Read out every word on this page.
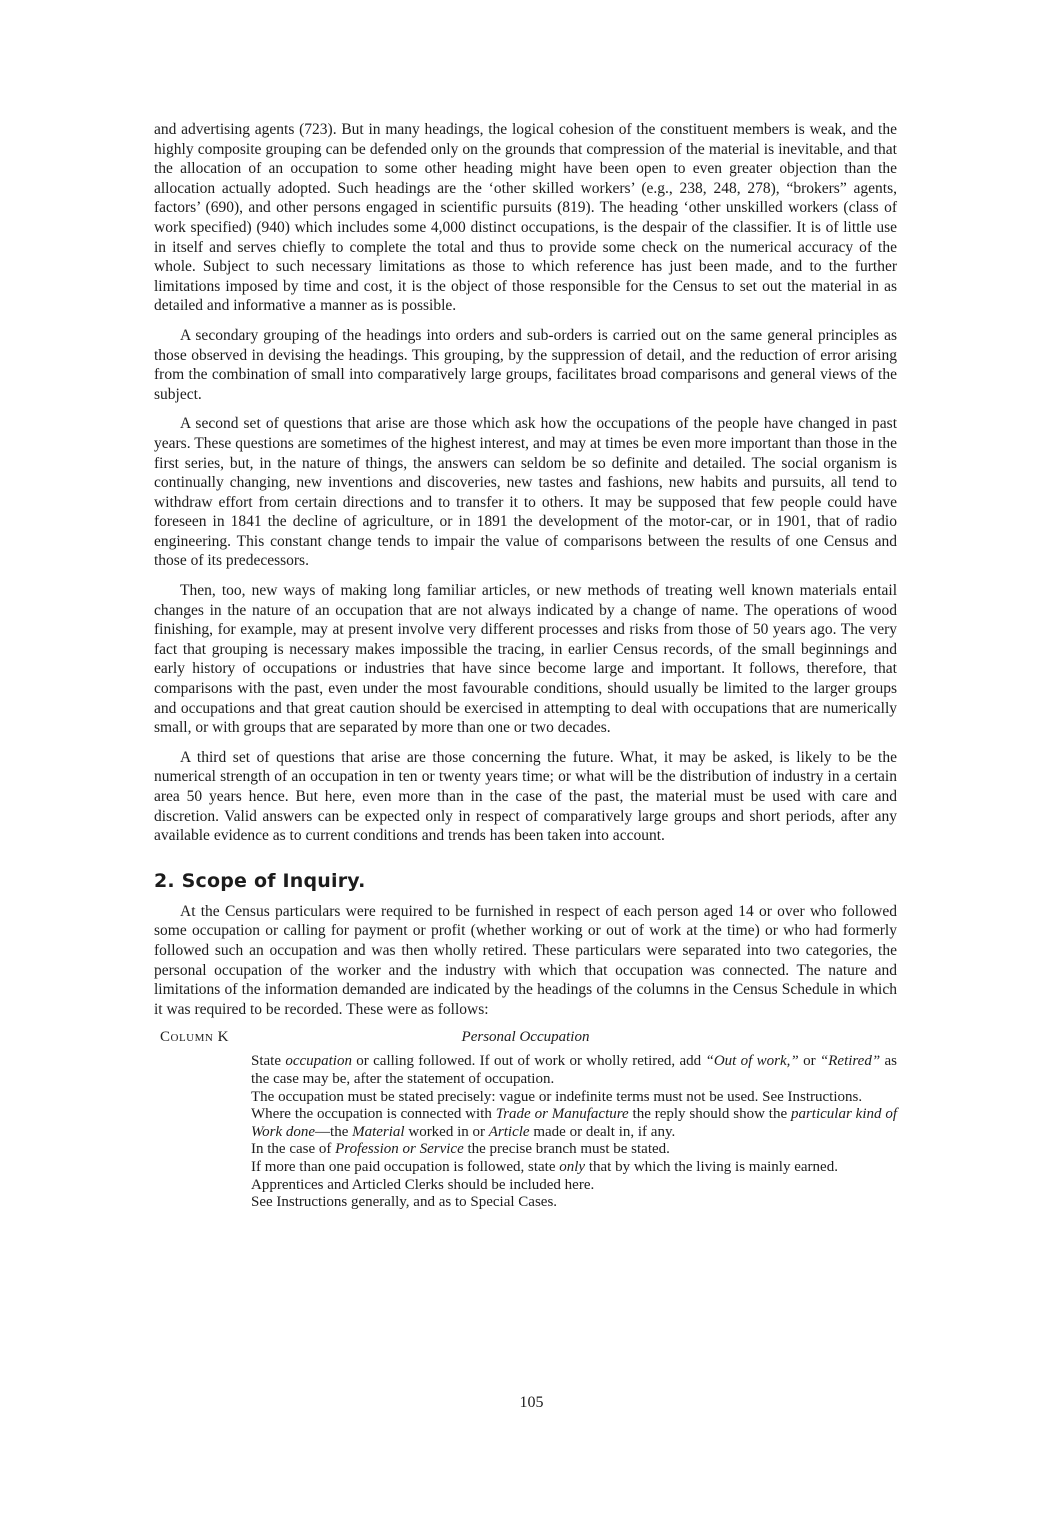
and advertising agents (723). But in many headings, the logical cohesion of the constituent members is weak, and the highly composite grouping can be defended only on the grounds that compression of the material is inevitable, and that the allocation of an occupation to some other heading might have been open to even greater objection than the allocation actually adopted. Such headings are the ‘other skilled workers’ (e.g., 238, 248, 278), “brokers” agents, factors’ (690), and other persons engaged in scientific pursuits (819). The heading ‘other unskilled workers (class of work specified) (940) which includes some 4,000 distinct occupations, is the despair of the classifier. It is of little use in itself and serves chiefly to complete the total and thus to provide some check on the numerical accuracy of the whole. Subject to such necessary limitations as those to which reference has just been made, and to the further limitations imposed by time and cost, it is the object of those responsible for the Census to set out the material in as detailed and informative a manner as is possible.

A secondary grouping of the headings into orders and sub-orders is carried out on the same general principles as those observed in devising the headings. This grouping, by the suppression of detail, and the reduction of error arising from the combination of small into comparatively large groups, facilitates broad comparisons and general views of the subject.

A second set of questions that arise are those which ask how the occupations of the people have changed in past years. These questions are sometimes of the highest interest, and may at times be even more important than those in the first series, but, in the nature of things, the answers can seldom be so definite and detailed. The social organism is continually changing, new inventions and discoveries, new tastes and fashions, new habits and pursuits, all tend to withdraw effort from certain directions and to transfer it to others. It may be supposed that few people could have foreseen in 1841 the decline of agriculture, or in 1891 the development of the motor-car, or in 1901, that of radio engineering. This constant change tends to impair the value of comparisons between the results of one Census and those of its predecessors.

Then, too, new ways of making long familiar articles, or new methods of treating well known materials entail changes in the nature of an occupation that are not always indicated by a change of name. The operations of wood finishing, for example, may at present involve very different processes and risks from those of 50 years ago. The very fact that grouping is necessary makes impossible the tracing, in earlier Census records, of the small beginnings and early history of occupations or industries that have since become large and important. It follows, therefore, that comparisons with the past, even under the most favourable conditions, should usually be limited to the larger groups and occupations and that great caution should be exercised in attempting to deal with occupations that are numerically small, or with groups that are separated by more than one or two decades.

A third set of questions that arise are those concerning the future. What, it may be asked, is likely to be the numerical strength of an occupation in ten or twenty years time; or what will be the distribution of industry in a certain area 50 years hence. But here, even more than in the case of the past, the material must be used with care and discretion. Valid answers can be expected only in respect of comparatively large groups and short periods, after any available evidence as to current conditions and trends has been taken into account.

2. Scope of Inquiry.

At the Census particulars were required to be furnished in respect of each person aged 14 or over who followed some occupation or calling for payment or profit (whether working or out of work at the time) or who had formerly followed such an occupation and was then wholly retired. These particulars were separated into two categories, the personal occupation of the worker and the industry with which that occupation was connected. The nature and limitations of the information demanded are indicated by the headings of the columns in the Census Schedule in which it was required to be recorded. These were as follows:

Column K	Personal Occupation
State occupation or calling followed. If out of work or wholly retired, add “Out of work,” or “Retired” as the case may be, after the statement of occupation.
The occupation must be stated precisely: vague or indefinite terms must not be used. See Instructions.
Where the occupation is connected with Trade or Manufacture the reply should show the particular kind of Work done—the Material worked in or Article made or dealt in, if any.
In the case of Profession or Service the precise branch must be stated.
If more than one paid occupation is followed, state only that by which the living is mainly earned.
Apprentices and Articled Clerks should be included here.
See Instructions generally, and as to Special Cases.
105
